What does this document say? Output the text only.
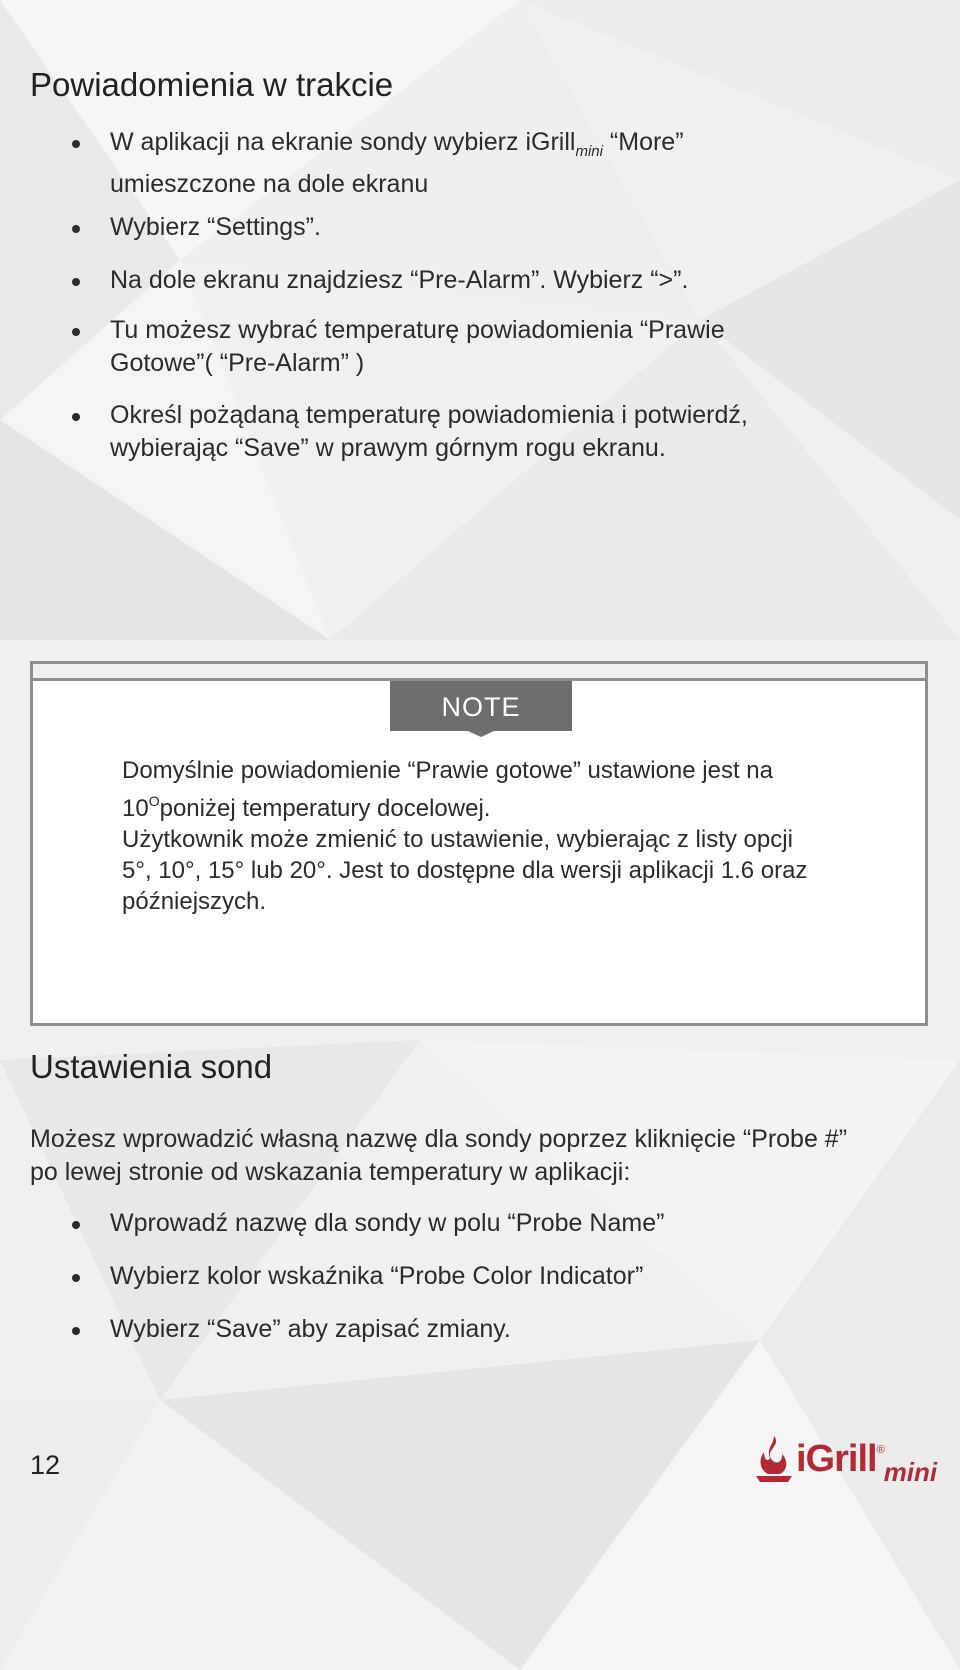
Powiadomienia w trakcie
W aplikacji na ekranie sondy wybierz iGrill$_{mini}$ “More”
umieszczone na dole ekranu
Wybierz “Settings”.
Na dole ekranu znajdziesz “Pre-Alarm”. Wybierz “>”.
Tu możesz wybrać temperaturę powiadomienia “Prawie
Gotowe”( “Pre-Alarm” )
Określ pożądaną temperaturę powiadomienia i potwierdź,
wybierając “Save” w prawym górnym rogu ekranu.
NOTE

Domyślnie powiadomienie “Prawie gotowe” ustawione jest na

$10^Oponiżej$ temperatury docelowej.

Użytkownik może zmienić to ustawienie, wybierając z listy opcji

5°, 10°, 15° lub 20°. Jest to dostępne dla wersji aplikacji 1.6 oraz

późniejszych.

Ustawienia sond

Możesz wprowadzić własną nazwę dla sondy poprzez kliknięcie “Probe #”
po lewej stronie od wskazania temperatury w aplikacji:

Wprowadź nazwę dla sondy w polu “Probe Name”
Wybierz kolor wskaźnika “Probe Color Indicator”
Wybierz “Save” aby zapisać zmiany.
12	iGrill®$_{mini}$
